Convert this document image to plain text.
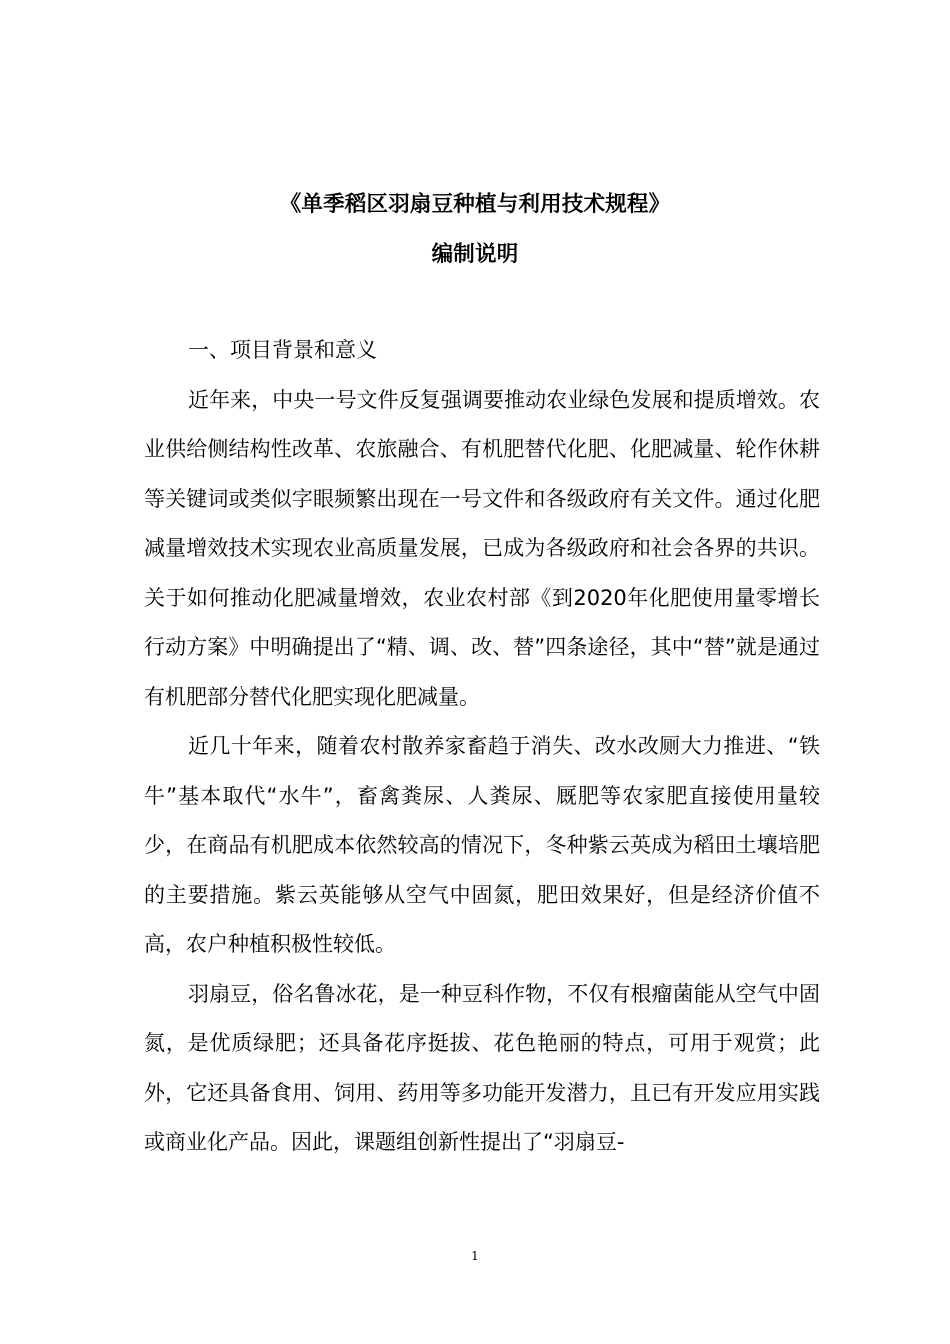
《单季稻区羽扇豆种植与利用技术规程》
编制说明

一、项目背景和意义

近年来，中央一号文件反复强调要推动农业绿色发展和提质增效。农业供给侧结构性改革、农旅融合、有机肥替代化肥、化肥减量、轮作休耕等关键词或类似字眼频繁出现在一号文件和各级政府有关文件。通过化肥减量增效技术实现农业高质量发展，已成为各级政府和社会各界的共识。关于如何推动化肥减量增效，农业农村部《到2020年化肥使用量零增长行动方案》中明确提出了“精、调、改、替”四条途径，其中“替”就是通过有机肥部分替代化肥实现化肥减量。

近几十年来，随着农村散养家畜趋于消失、改水改厕大力推进、“铁牛”基本取代“水牛”，畜禽粪尿、人粪尿、厩肥等农家肥直接使用量较少，在商品有机肥成本依然较高的情况下，冬种紫云英成为稻田土壤培肥的主要措施。紫云英能够从空气中固氮，肥田效果好，但是经济价值不高，农户种植积极性较低。

羽扇豆，俗名鲁冰花，是一种豆科作物，不仅有根瘤菌能从空气中固氮，是优质绿肥；还具备花序挺拔、花色艳丽的特点，可用于观赏；此外，它还具备食用、饲用、药用等多功能开发潜力，且已有开发应用实践或商业化产品。因此，课题组创新性提出了“羽扇豆-

1
